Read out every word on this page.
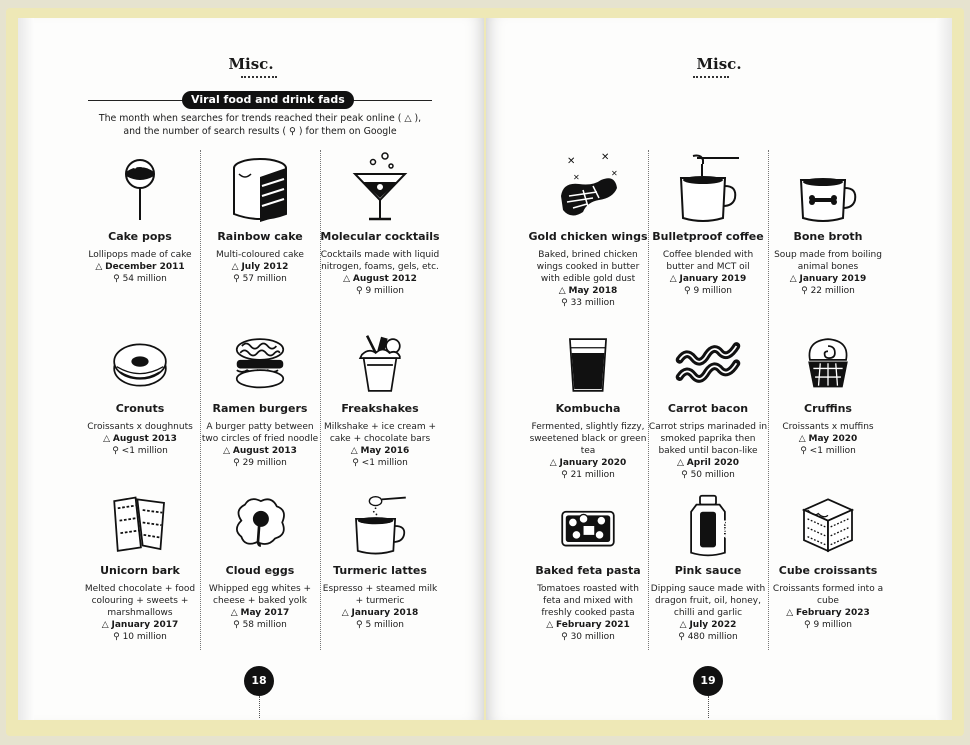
Misc.
Viral food and drink fads
The month when searches for trends reached their peak online ( △ ),
and the number of search results ( ⚲ ) for them on Google
Cake pops
Lollipops made of cake
△ December 2011
⚲ 54 million
Rainbow cake
Multi-coloured cake
△ July 2012
⚲ 57 million
Molecular cocktails
Cocktails made with liquid nitrogen, foams, gels, etc.
△ August 2012
⚲ 9 million
Cronuts
Croissants x doughnuts
△ August 2013
⚲ <1 million
Ramen burgers
A burger patty between two circles of fried noodle
△ August 2013
⚲ 29 million
Freakshakes
Milkshake + ice cream + cake + chocolate bars
△ May 2016
⚲ <1 million
Unicorn bark
Melted chocolate + food colouring + sweets + marshmallows
△ January 2017
⚲ 10 million
Cloud eggs
Whipped egg whites + cheese + baked yolk
△ May 2017
⚲ 58 million
Turmeric lattes
Espresso + steamed milk + turmeric
△ January 2018
⚲ 5 million
18
Misc.
✕	✕
✕	✕
Gold chicken wings
Baked, brined chicken wings cooked in butter with edible gold dust
△ May 2018
⚲ 33 million
Bulletproof coffee
Coffee blended with butter and MCT oil
△ January 2019
⚲ 9 million
Bone broth
Soup made from boiling animal bones
△ January 2019
⚲ 22 million
Kombucha
Fermented, slightly fizzy, sweetened black or green tea
△ January 2020
⚲ 21 million
Carrot bacon
Carrot strips marinaded in smoked paprika then baked until bacon-like
△ April 2020
⚲ 50 million
Cruffins
Croissants x muffins
△ May 2020
⚲ <1 million
Baked feta pasta
Tomatoes roasted with feta and mixed with freshly cooked pasta
△ February 2021
⚲ 30 million
PINK
Pink sauce
Dipping sauce made with dragon fruit, oil, honey, chilli and garlic
△ July 2022
⚲ 480 million
Cube croissants
Croissants formed into a cube
△ February 2023
⚲ 9 million
19
